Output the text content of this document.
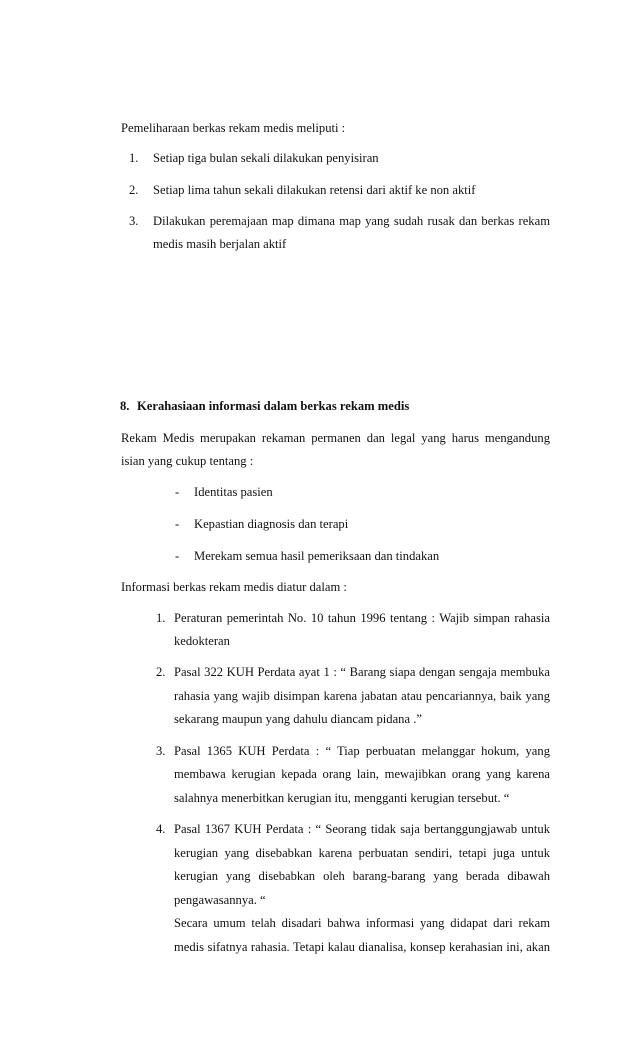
Pemeliharaan berkas rekam medis meliputi :
1. Setiap tiga bulan sekali dilakukan penyisiran
2. Setiap lima tahun sekali dilakukan retensi dari aktif ke non aktif
3. Dilakukan peremajaan map dimana map yang sudah rusak dan berkas rekam
medis masih berjalan aktif
8. Kerahasiaan informasi dalam berkas rekam medis
Rekam Medis merupakan rekaman permanen dan legal yang harus mengandung
isian yang cukup tentang :
- Identitas pasien
- Kepastian diagnosis dan terapi
- Merekam semua hasil pemeriksaan dan tindakan
Informasi berkas rekam medis diatur dalam :
1. Peraturan pemerintah No. 10 tahun 1996 tentang : Wajib simpan rahasia
kedokteran
2. Pasal 322 KUH Perdata ayat 1 : “ Barang siapa dengan sengaja membuka
rahasia yang wajib disimpan karena jabatan atau pencariannya, baik yang
sekarang maupun yang dahulu diancam pidana .”
3. Pasal 1365 KUH Perdata : “ Tiap perbuatan melanggar hokum, yang
membawa kerugian kepada orang lain, mewajibkan orang yang karena
salahnya menerbitkan kerugian itu, mengganti kerugian tersebut. “
4. Pasal 1367 KUH Perdata : “ Seorang tidak saja bertanggungjawab untuk
kerugian yang disebabkan karena perbuatan sendiri, tetapi juga untuk
kerugian yang disebabkan oleh barang-barang yang berada dibawah
pengawasannya. “
Secara umum telah disadari bahwa informasi yang didapat dari rekam
medis sifatnya rahasia. Tetapi kalau dianalisa, konsep kerahasian ini, akan
